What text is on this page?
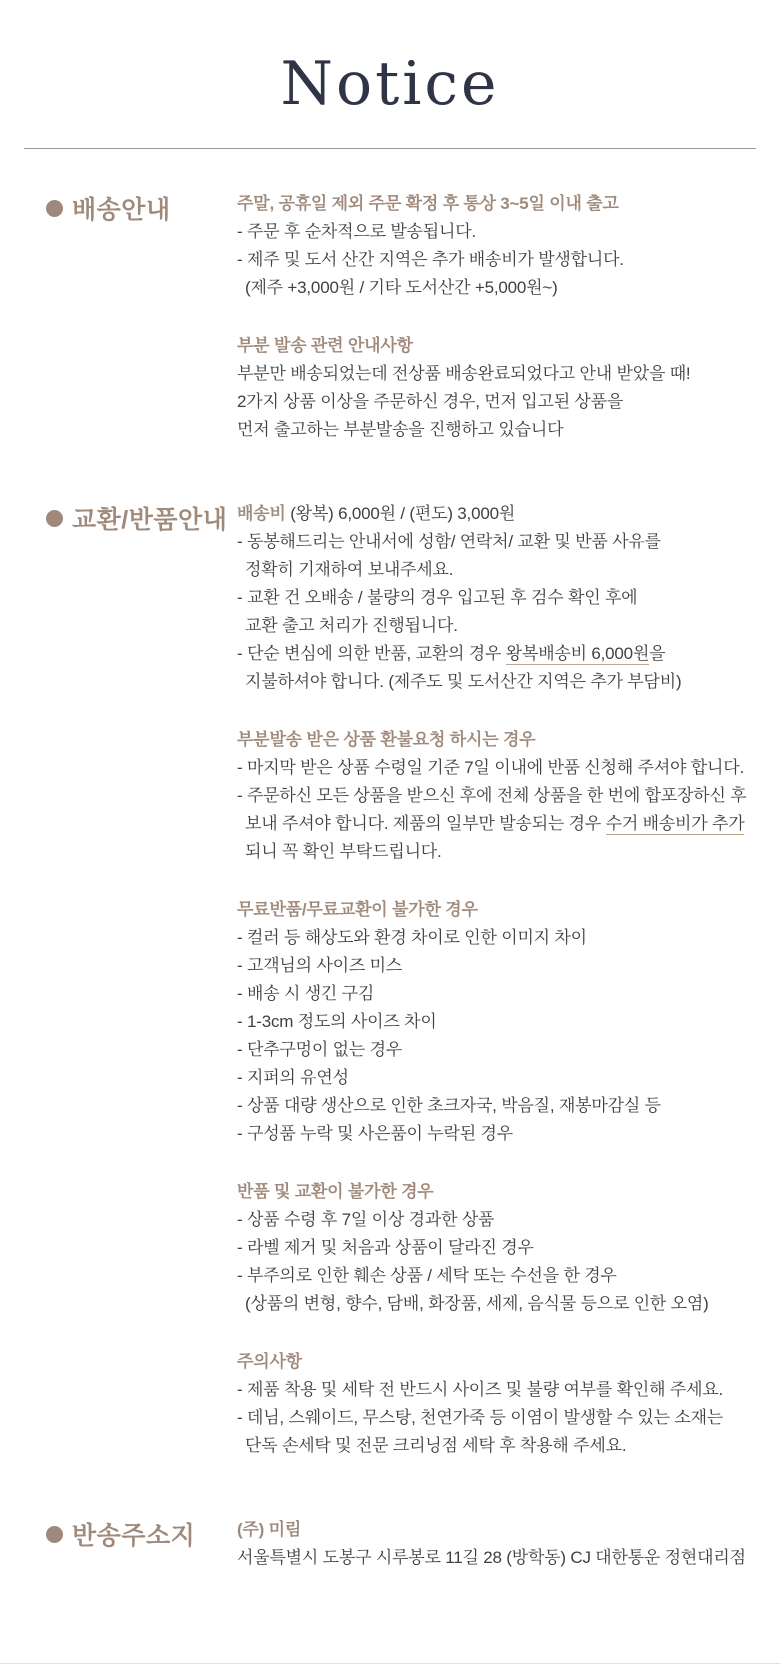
Notice
배송안내	주말, 공휴일 제외 주문 확정 후 통상 3~5일 이내 출고
- 주문 후 순차적으로 발송됩니다.
- 제주 및 도서 산간 지역은 추가 배송비가 발생합니다.
(제주 +3,000원 / 기타 도서산간 +5,000원~)
부분 발송 관련 안내사항
부분만 배송되었는데 전상품 배송완료되었다고 안내 받았을 때!
2가지 상품 이상을 주문하신 경우, 먼저 입고된 상품을
먼저 출고하는 부분발송을 진행하고 있습니다
교환/반품안내 배송비 (왕복) 6,000원 / (편도) 3,000원
- 동봉해드리는 안내서에 성함/ 연락처/ 교환 및 반품 사유를
정확히 기재하여 보내주세요.
- 교환 건 오배송 / 불량의 경우 입고된 후 검수 확인 후에
교환 출고 처리가 진행됩니다.
- 단순 변심에 의한 반품, 교환의 경우 왕복배송비 6,000원을
지불하셔야 합니다. (제주도 및 도서산간 지역은 추가 부담비)
부분발송 받은 상품 환불요청 하시는 경우
- 마지막 받은 상품 수령일 기준 7일 이내에 반품 신청해 주셔야 합니다.
- 주문하신 모든 상품을 받으신 후에 전체 상품을 한 번에 합포장하신 후
보내 주셔야 합니다. 제품의 일부만 발송되는 경우 수거 배송비가 추가
되니 꼭 확인 부탁드립니다.
무료반품/무료교환이 불가한 경우
- 컬러 등 해상도와 환경 차이로 인한 이미지 차이
- 고객님의 사이즈 미스
- 배송 시 생긴 구김
- 1-3cm 정도의 사이즈 차이
- 단추구멍이 없는 경우
- 지퍼의 유연성
- 상품 대량 생산으로 인한 초크자국, 박음질, 재봉마감실 등
- 구성품 누락 및 사은품이 누락된 경우
반품 및 교환이 불가한 경우
- 상품 수령 후 7일 이상 경과한 상품
- 라벨 제거 및 처음과 상품이 달라진 경우
- 부주의로 인한 훼손 상품 / 세탁 또는 수선을 한 경우
(상품의 변형, 향수, 담배, 화장품, 세제, 음식물 등으로 인한 오염)
주의사항
- 제품 착용 및 세탁 전 반드시 사이즈 및 불량 여부를 확인해 주세요.
- 데님, 스웨이드, 무스탕, 천연가죽 등 이염이 발생할 수 있는 소재는
단독 손세탁 및 전문 크리닝점 세탁 후 착용해 주세요.
반송주소지 (주) 미림
서울특별시 도봉구 시루봉로 11길 28 (방학동) CJ 대한통운 정현대리점
